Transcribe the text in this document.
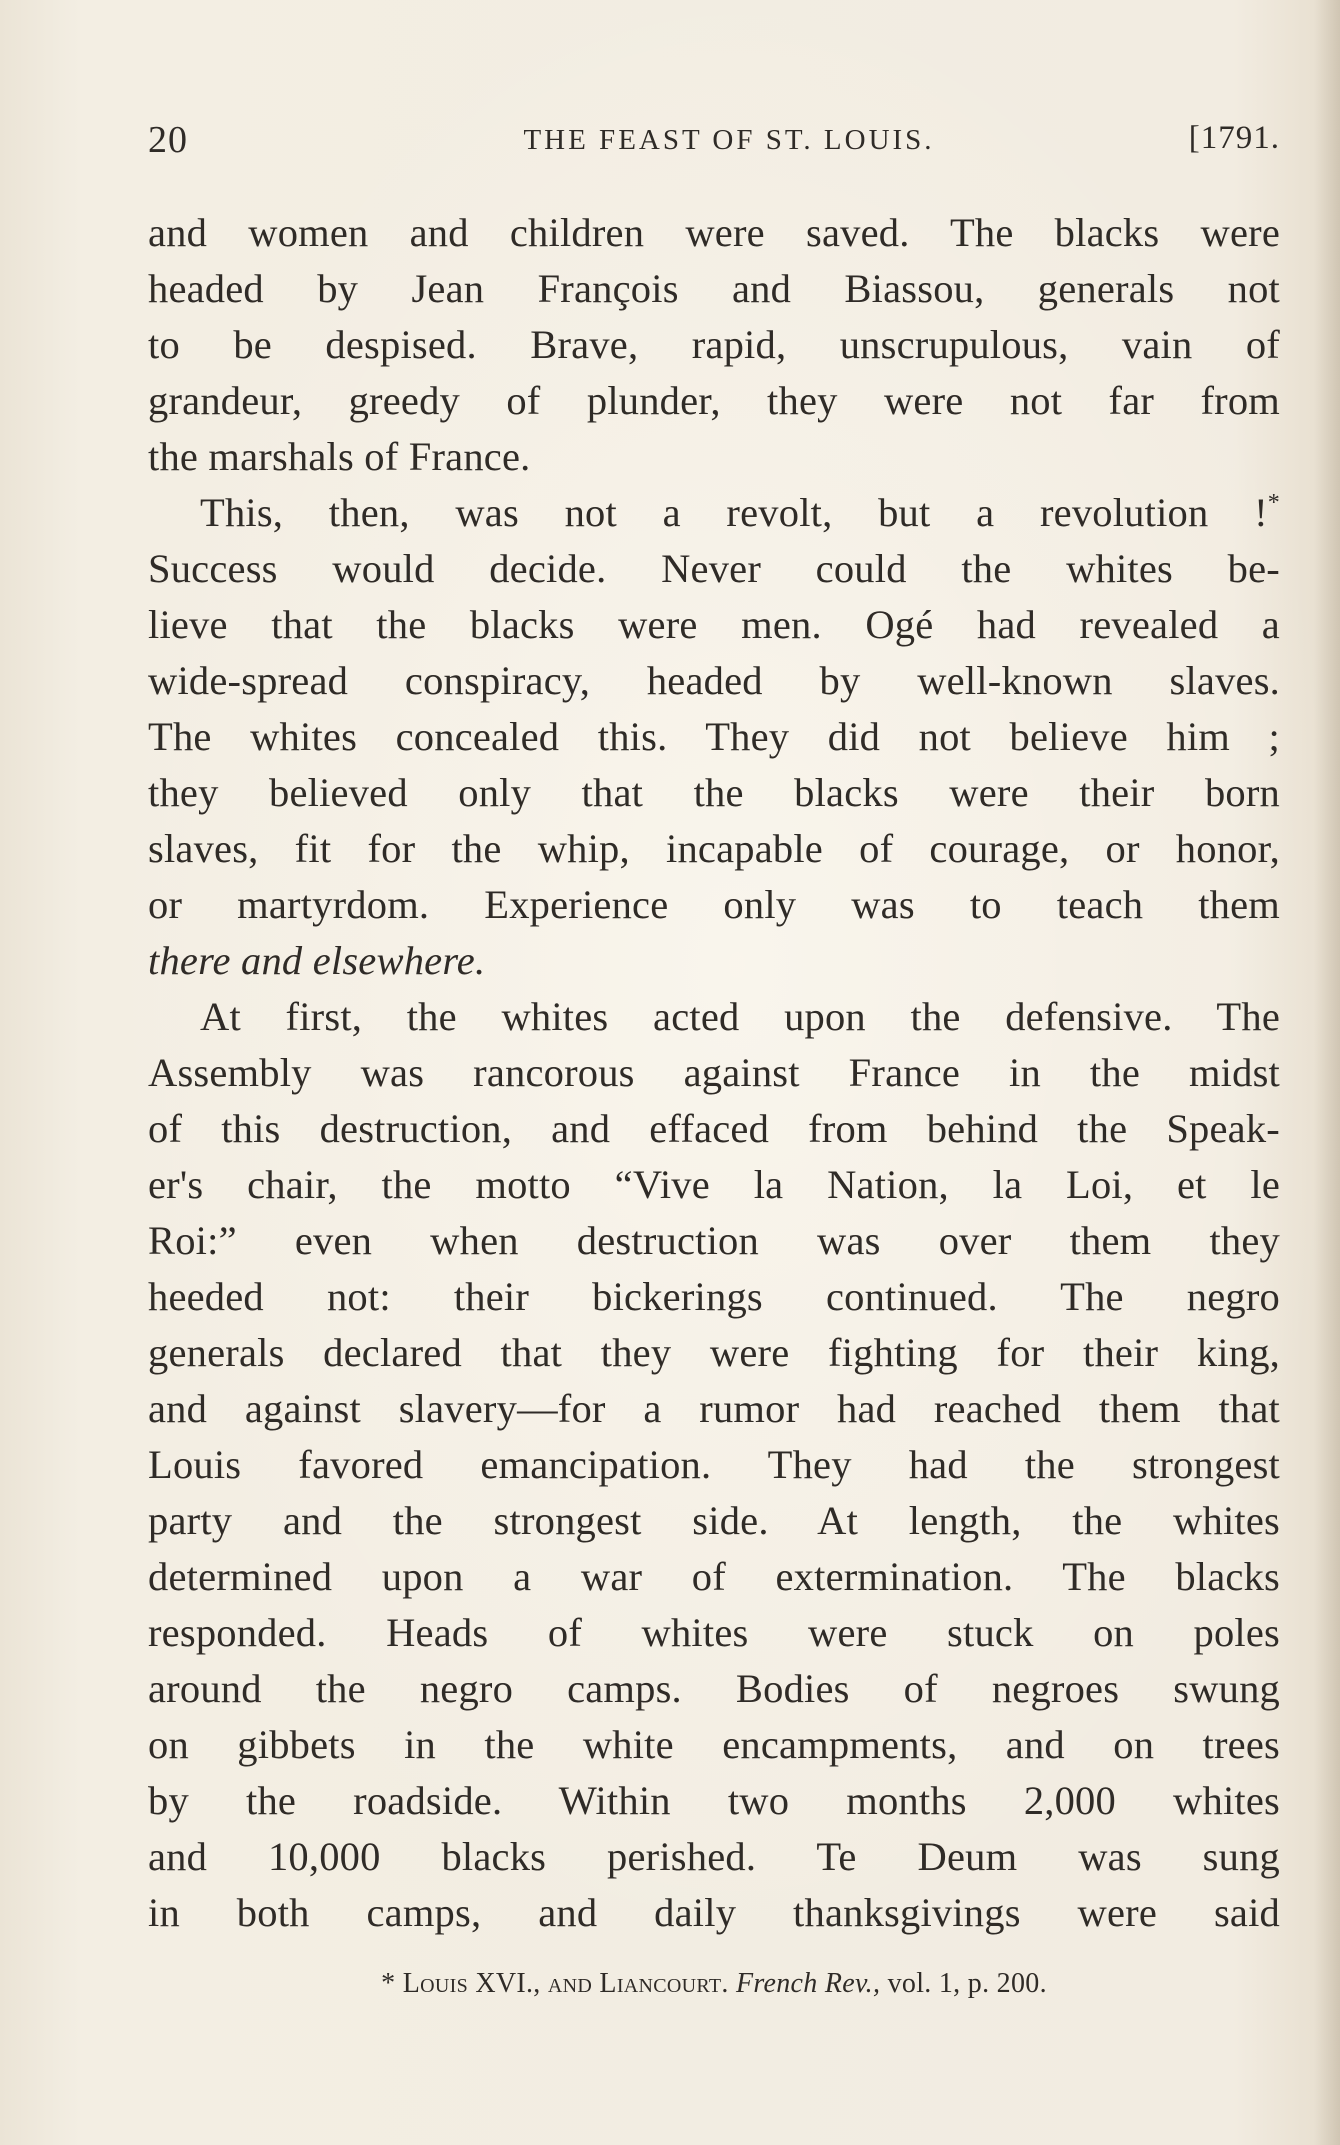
20	THE FEAST OF ST. LOUIS.	[1791.
and women and children were saved. The blacks were
headed by Jean François and Biassou, generals not
to be despised. Brave, rapid, unscrupulous, vain of
grandeur, greedy of plunder, they were not far from
the marshals of France.
This, then, was not a revolt, but a revolution !*
Success would decide. Never could the whites be-
lieve that the blacks were men. Ogé had revealed a
wide-spread conspiracy, headed by well-known slaves.
The whites concealed this. They did not believe him ;
they believed only that the blacks were their born
slaves, fit for the whip, incapable of courage, or honor,
or martyrdom. Experience only was to teach them
there and elsewhere.
At first, the whites acted upon the defensive. The
Assembly was rancorous against France in the midst
of this destruction, and effaced from behind the Speak-
er's chair, the motto “Vive la Nation, la Loi, et le
Roi:” even when destruction was over them they
heeded not: their bickerings continued. The negro
generals declared that they were fighting for their king,
and against slavery—for a rumor had reached them that
Louis favored emancipation. They had the strongest
party and the strongest side. At length, the whites
determined upon a war of extermination. The blacks
responded. Heads of whites were stuck on poles
around the negro camps. Bodies of negroes swung
on gibbets in the white encampments, and on trees
by the roadside. Within two months 2,000 whites
and 10,000 blacks perished. Te Deum was sung
in both camps, and daily thanksgivings were said
* Louis XVI., and Liancourt. French Rev., vol. 1, p. 200.
